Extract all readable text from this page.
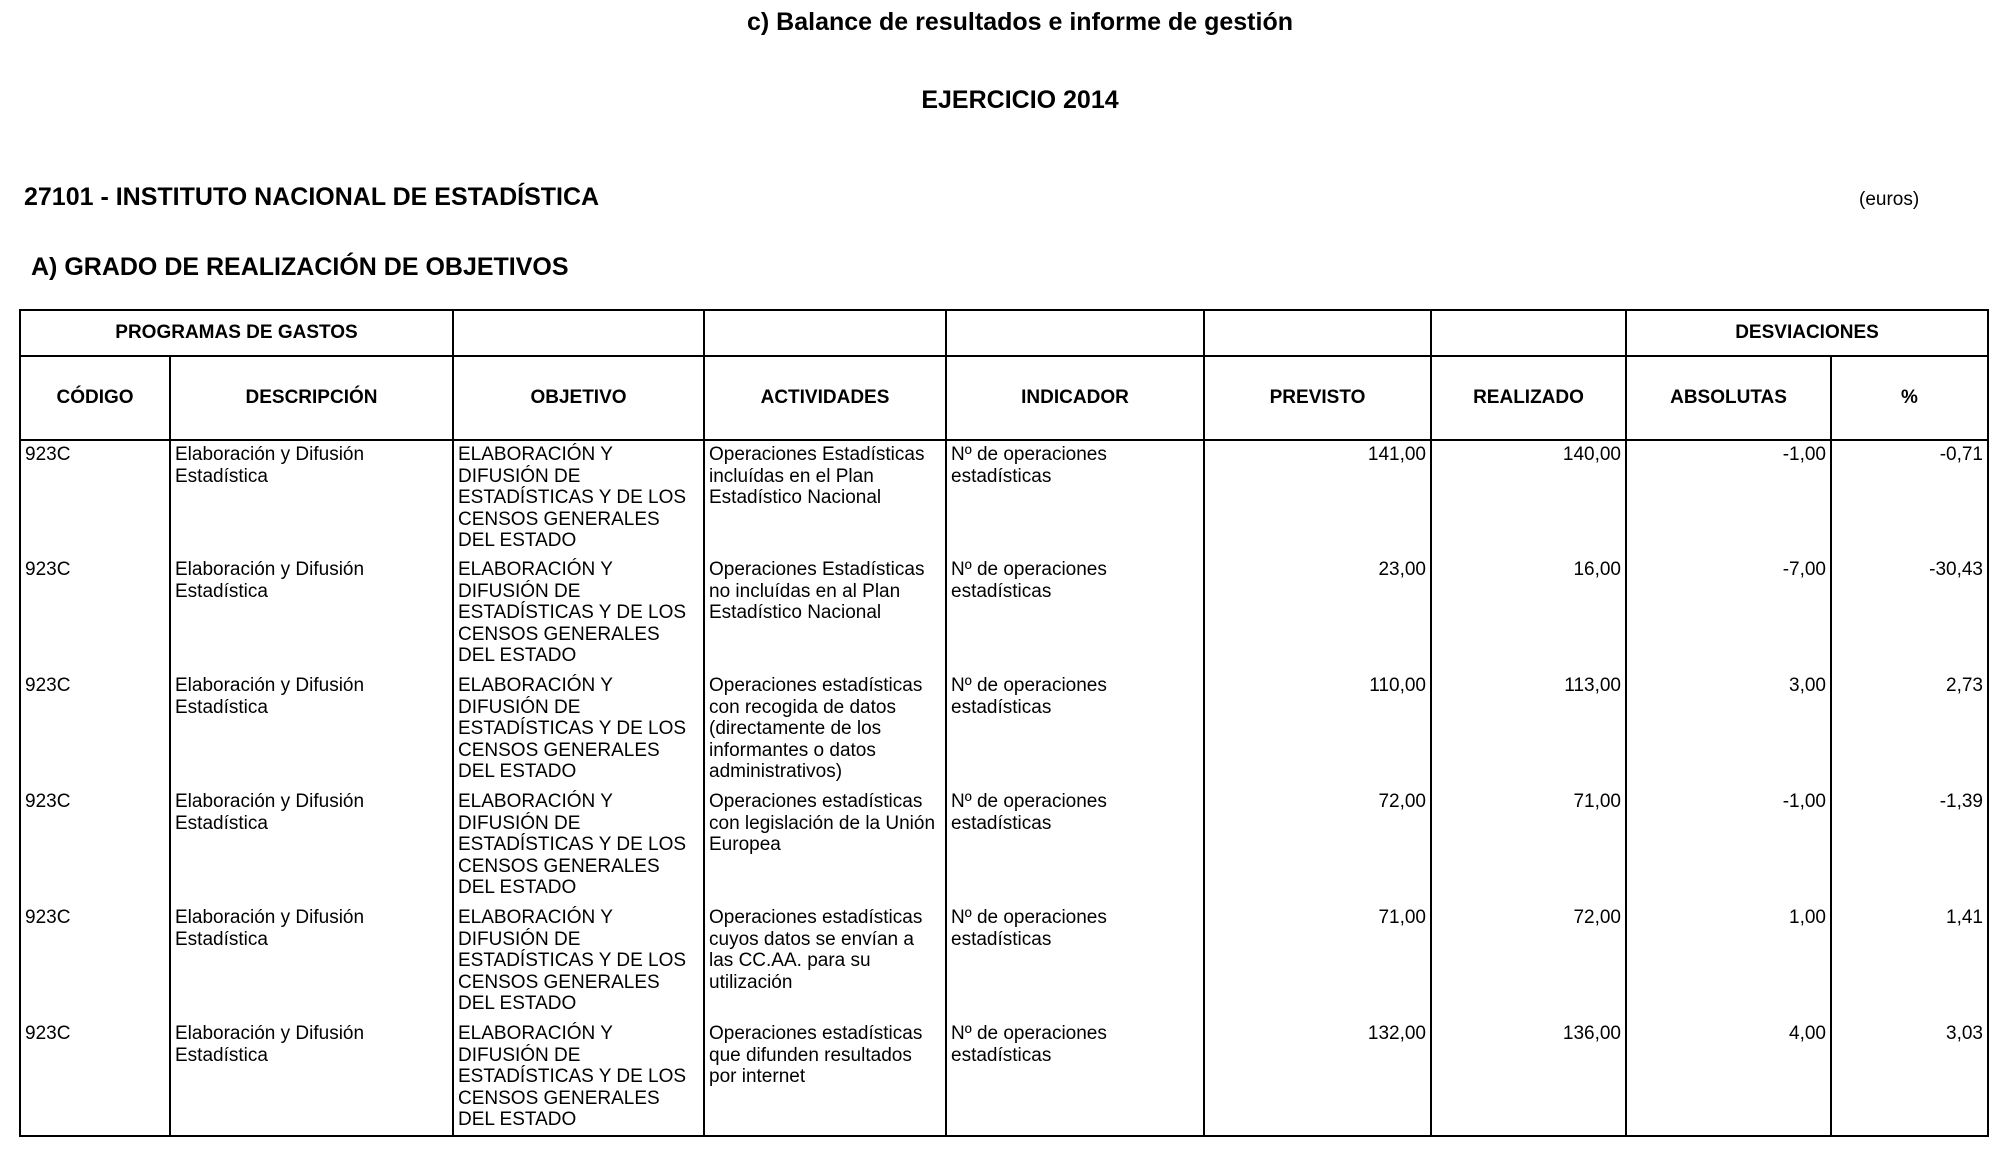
c) Balance de resultados e informe de gestión
EJERCICIO 2014
27101 - INSTITUTO NACIONAL DE ESTADÍSTICA	(euros)
A) GRADO DE REALIZACIÓN DE OBJETIVOS
PROGRAMAS DE GASTOS							DESVIACIONES	
CÓDIGO	DESCRIPCIÓN	OBJETIVO	ACTIVIDADES	INDICADOR	PREVISTO	REALIZADO	ABSOLUTAS	%
923C	Elaboración y Difusión Estadística	ELABORACIÓN Y DIFUSIÓN DE ESTADÍSTICAS Y DE LOS CENSOS GENERALES DEL ESTADO	Operaciones Estadísticas incluídas en el Plan Estadístico Nacional	Nº de operaciones estadísticas	141,00	140,00	-1,00	-0,71
923C	Elaboración y Difusión Estadística	ELABORACIÓN Y DIFUSIÓN DE ESTADÍSTICAS Y DE LOS CENSOS GENERALES DEL ESTADO	Operaciones Estadísticas no incluídas en al Plan Estadístico Nacional	Nº de operaciones estadísticas	23,00	16,00	-7,00	-30,43
923C	Elaboración y Difusión Estadística	ELABORACIÓN Y DIFUSIÓN DE ESTADÍSTICAS Y DE LOS CENSOS GENERALES DEL ESTADO	Operaciones estadísticas con recogida de datos (directamente de los informantes o datos administrativos)	Nº de operaciones estadísticas	110,00	113,00	3,00	2,73
923C	Elaboración y Difusión Estadística	ELABORACIÓN Y DIFUSIÓN DE ESTADÍSTICAS Y DE LOS CENSOS GENERALES DEL ESTADO	Operaciones estadísticas con legislación de la Unión Europea	Nº de operaciones estadísticas	72,00	71,00	-1,00	-1,39
923C	Elaboración y Difusión Estadística	ELABORACIÓN Y DIFUSIÓN DE ESTADÍSTICAS Y DE LOS CENSOS GENERALES DEL ESTADO	Operaciones estadísticas cuyos datos se envían a las CC.AA. para su utilización	Nº de operaciones estadísticas	71,00	72,00	1,00	1,41
923C	Elaboración y Difusión Estadística	ELABORACIÓN Y DIFUSIÓN DE ESTADÍSTICAS Y DE LOS CENSOS GENERALES DEL ESTADO	Operaciones estadísticas que difunden resultados por internet	Nº de operaciones estadísticas	132,00	136,00	4,00	3,03
